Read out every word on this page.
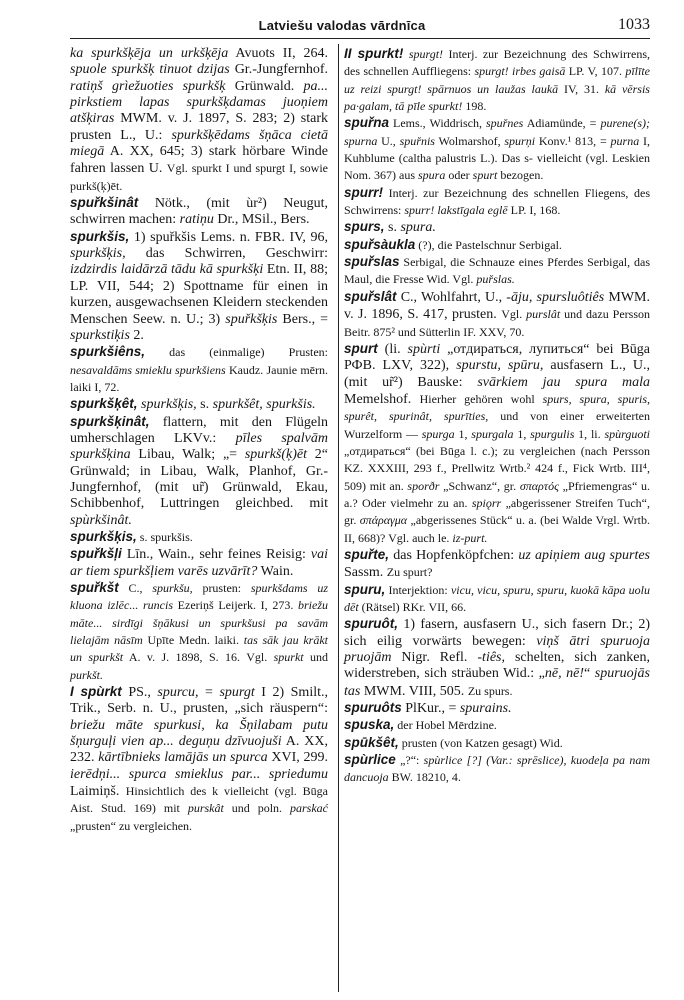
Latviešu valodas vārdnīca	1033

ka spurkšķēja un urkšķēja Avuots II, 264. spuole spurkšķ tinuot dzijas Gr.-Jungfernhof. ratiņš grìežuoties spurkšķ Grünwald. pa... pirkstiem lapas spurkšķdamas juoņiem atšķiras MWM. v. J. 1897, S. 283; 2) stark prusten L., U.: spurkšķēdams šņāca cietā miegā A. XX, 645; 3) stark hörbare Winde fahren lassen U. Vgl. spurkt I und spurgt I, sowie purkš(ķ)ēt.

spuřkšinât Nötk., (mit ùr²) Neugut, schwirren machen: ratiņu Dr., MSil., Bers.

spurkšis, 1) spuřkšis Lems. n. FBR. IV, 96, spurkšķis, das Schwirren, Geschwirr: izdzirdis laidārzā tādu kā spurkšķi Etn. II, 88; LP. VII, 544; 2) Spottname für einen in kurzen, ausgewachsenen Kleidern steckenden Menschen Seew. n. U.; 3) spuřkšķis Bers., = spurkstiķis 2.

spurkšiêns, das (einmalige) Prusten: nesavaldāms smieklu spurkšiens Kaudz. Jaunie mērn. laiki I, 72.

spurkšķêt, spurkšķis, s. spurkšêt, spurkšis.

spurkšķinât, flattern, mit den Flügeln umherschlagen LKVv.: pīles spalvām spurkšķina Libau, Walk; „= spurkš(ķ)ēt 2“ Grünwald; in Libau, Walk, Planhof, Gr.-Jungfernhof, (mit ur̃) Grünwald, Ekau, Schibbenhof, Luttringen gleichbed. mit spùrkšinât.

spurkšķis, s. spurkšis.

spuřkšļi Līn., Wain., sehr feines Reisig: vai ar tiem spurkšļiem varēs uzvārīt? Wain.

spuřkšt C., spurkšu, prusten: spurkšdams uz kluona izlēc... runcis Ezeriņš Leijerk. I, 273. briežu māte... sirdīgi šņākusi un spurkšusi pa savām lielajām nāsīm Upīte Medn. laiki. tas sāk jau krākt un spurkšt A. v. J. 1898, S. 16. Vgl. spurkt und purkšt.

I spùrkt PS., spurcu, = spurgt I 2) Smilt., Trik., Serb. n. U., prusten, „sich räuspern“: briežu māte spurkusi, ka Šņilabam putu šņurguļi vien ap... deguņu dzīvuojuši A. XX, 232. kārtībnieks lamājās un spurca XVI, 299. ierēdņi... spurca smieklus par... spriedumu Laimiņš. Hinsichtlich des k vielleicht (vgl. Būga Aist. Stud. 169) mit purskât und poln. parskać „prusten“ zu vergleichen.

II spurkt! spurgt! Interj. zur Bezeichnung des Schwirrens, des schnellen Auffliegens: spurgt! irbes gaisā LP. V, 107. pīlīte uz reizi spurgt! spārnuos un laužas laukā IV, 31. kā vērsis pa·galam, tā pīle spurkt! 198.

spuřna Lems., Widdrisch, spuřnes Adiamünde, = purene(s); spurna U., spuřnis Wolmarshof, spurņi Konv.¹ 813, = purna I, Kuhblume (caltha palustris L.). Das s- vielleicht (vgl. Leskien Nom. 367) aus spura oder spurt bezogen.

spurr! Interj. zur Bezeichnung des schnellen Fliegens, des Schwirrens: spurr! lakstīgala eglē LP. I, 168.

spurs, s. spura.

spuřsàukla (?), die Pastelschnur Serbigal.

spuřslas Serbigal, die Schnauze eines Pferdes Serbigal, das Maul, die Fresse Wid. Vgl. puřslas.

spuřslât C., Wohlfahrt, U., -āju, spursluôtiês MWM. v. J. 1896, S. 417, prusten. Vgl. purslât und dazu Persson Beitr. 875² und Sütterlin IF. XXV, 70.

spurt (li. spùrti „отдираться, лупиться“ bei Būga РФВ. LXV, 322), spurstu, spūru, ausfasern L., U., (mit ur̃²) Bauske: svārkiem jau spura mala Memelshof. Hierher gehören wohl spurs, spura, spuris, spurêt, spurinât, spurīties, und von einer erweiterten Wurzelform — spurga 1, spurgala 1, spurgulis 1, li. spùrguoti „отдираться“ (bei Būga l. c.); zu vergleichen (nach Persson KZ. XXXIII, 293 f., Prellwitz Wrtb.² 424 f., Fick Wrtb. III⁴, 509) mit an. sporðr „Schwanz“, gr. σπαρτός „Pfriemengras“ u. a.? Oder vielmehr zu an. spiǫrr „abgerissener Streifen Tuch“, gr. σπάραγμα „abgerissenes Stück“ u. a. (bei Walde Vrgl. Wrtb. II, 668)? Vgl. auch le. iz-purt.

spuřte, das Hopfenköpfchen: uz apiņiem aug spurtes Sassm. Zu spurt?

spuru, Interjektion: vicu, vicu, spuru, spuru, kuokā kāpa uolu dēt (Rätsel) RKr. VII, 66.

spuruôt, 1) fasern, ausfasern U., sich fasern Dr.; 2) sich eilig vorwärts bewegen: viņš ātri spuruoja pruojām Nigr. Refl. -tiês, schelten, sich zanken, widerstreben, sich sträuben Wid.: „nē, nē!“ spuruojās tas MWM. VIII, 505. Zu spurs.

spuruôts PlKur., = spurains.

spuska, der Hobel Mērdzine.

spūkšêt, prusten (von Katzen gesagt) Wid.

spùrlice „?“: spùrlice [?] (Var.: sprēslice), kuodeļa pa nam dancuoja BW. 18210, 4.
